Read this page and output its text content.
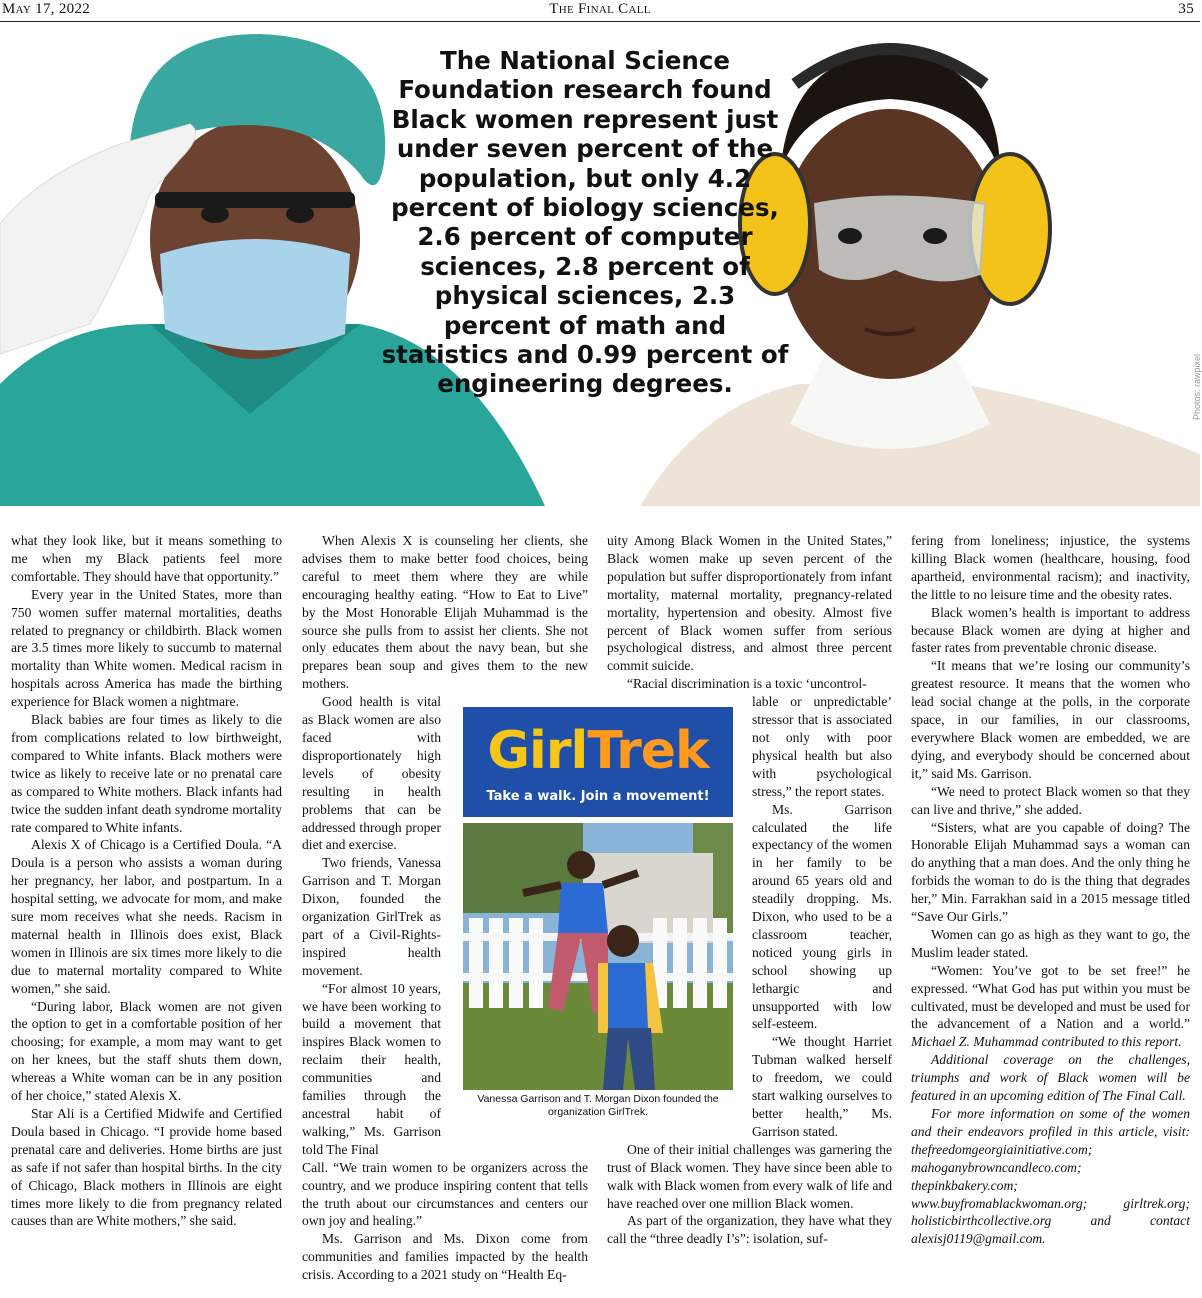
May 17, 2022	The Final Call	35
The National Science Foundation research found Black women represent just under seven percent of the population, but only 4.2 percent of biology sciences, 2.6 percent of computer sciences, 2.8 percent of physical sciences, 2.3 percent of math and statistics and 0.99 percent of engineering degrees.	Photos: rawpixel

what they look like, but it means something to me when my Black patients feel more comfortable. They should have that opportunity.”

Every year in the United States, more than 750 women suffer maternal mortalities, deaths related to pregnancy or childbirth. Black women are 3.5 times more likely to succumb to maternal mortality than White women. Medical racism in hospitals across America has made the birthing experience for Black women a nightmare.

Black babies are four times as likely to die from complications related to low birthweight, compared to White infants. Black mothers were twice as likely to receive late or no prenatal care as compared to White mothers. Black infants had twice the sudden infant death syndrome mortality rate compared to White infants.

Alexis X of Chicago is a Certified Doula. “A Doula is a person who assists a woman during her pregnancy, her labor, and postpartum. In a hospital setting, we advocate for mom, and make sure mom receives what she needs. Racism in maternal health in Illinois does exist, Black women in Illinois are six times more likely to die due to maternal mortality compared to White women,” she said.

“During labor, Black women are not given the option to get in a comfortable position of her choosing; for example, a mom may want to get on her knees, but the staff shuts them down, whereas a White woman can be in any position of her choice,” stated Alexis X.

Star Ali is a Certified Midwife and Certified Doula based in Chicago. “I provide home based prenatal care and deliveries. Home births are just as safe if not safer than hospital births. In the city of Chicago, Black mothers in Illinois are eight times more likely to die from pregnancy related causes than are White mothers,” she said.

When Alexis X is counseling her clients, she advises them to make better food choices, being careful to meet them where they are while encouraging healthy eating. “How to Eat to Live” by the Most Honorable Elijah Muhammad is the source she pulls from to assist her clients. She not only educates them about the navy bean, but she prepares bean soup and gives them to the new mothers.

Good health is vital as Black women are also faced with disproportionately high levels of obesity resulting in health problems that can be addressed through proper diet and exercise.

Two friends, Vanessa Garrison and T. Morgan Dixon, founded the organization GirlTrek as part of a Civil-Rights-inspired health movement.

“For almost 10 years, we have been working to build a movement that inspires Black women to reclaim their health, communities and families through the ancestral habit of walking,” Ms. Garrison told The Final

Call. “We train women to be organizers across the country, and we produce inspiring content that tells the truth about our circumstances and centers our own joy and healing.”

Ms. Garrison and Ms. Dixon come from communities and families impacted by the health crisis. According to a 2021 study on “Health Eq-

uity Among Black Women in the United States,” Black women make up seven percent of the population but suffer disproportionately from infant mortality, maternal mortality, pregnancy-related mortality, hypertension and obesity. Almost five percent of Black women suffer from serious psychological distress, and almost three percent commit suicide.

“Racial discrimination is a toxic ‘uncontrol-

lable or unpredictable’ stressor that is associated not only with poor physical health but also with psychological stress,” the report states.

Ms. Garrison calculated the life expectancy of the women in her family to be around 65 years old and steadily dropping. Ms. Dixon, who used to be a classroom teacher, noticed young girls in school showing up lethargic and unsupported with low self-esteem.

“We thought Harriet Tubman walked herself to freedom, we could start walking ourselves to better health,” Ms. Garrison stated.

One of their initial challenges was garnering the trust of Black women. They have since been able to walk with Black women from every walk of life and have reached over one million Black women.

As part of the organization, they have what they call the “three deadly I’s”: isolation, suf-

fering from loneliness; injustice, the systems killing Black women (healthcare, housing, food apartheid, environmental racism); and inactivity, the little to no leisure time and the obesity rates.

Black women’s health is important to address because Black women are dying at higher and faster rates from preventable chronic disease.

“It means that we’re losing our community’s greatest resource. It means that the women who lead social change at the polls, in the corporate space, in our families, in our classrooms, everywhere Black women are embedded, we are dying, and everybody should be concerned about it,” said Ms. Garrison.

“We need to protect Black women so that they can live and thrive,” she added.

“Sisters, what are you capable of doing? The Honorable Elijah Muhammad says a woman can do anything that a man does. And the only thing he forbids the woman to do is the thing that degrades her,” Min. Farrakhan said in a 2015 message titled “Save Our Girls.”

Women can go as high as they want to go, the Muslim leader stated.

“Women: You’ve got to be set free!” he expressed. “What God has put within you must be cultivated, must be developed and must be used for the advancement of a Nation and a world.” Michael Z. Muhammad contributed to this report.

Additional coverage on the challenges, triumphs and work of Black women will be featured in an upcoming edition of The Final Call.

For more information on some of the women and their endeavors profiled in this article, visit: thefreedomgeorgiainitiative.com; mahoganybrowncandleco.com; thepinkbakery.com; www.buyfromablackwoman.org; girltrek.org; holisticbirthcollective.org and contact alexisj0119@gmail.com.

GirlTrek
Take a walk. Join a movement!
Vanessa Garrison and T. Morgan Dixon founded the organization GirlTrek.
